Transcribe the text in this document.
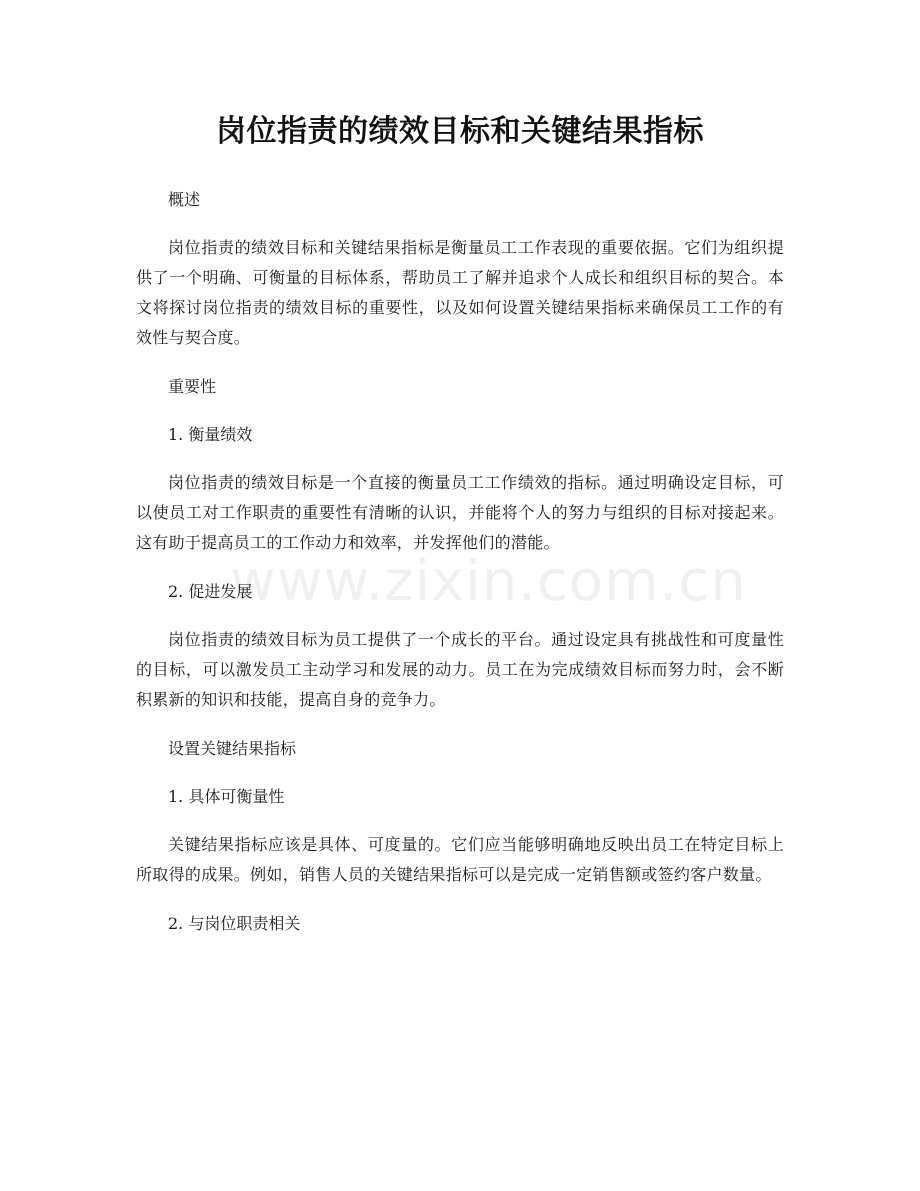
岗位指责的绩效目标和关键结果指标

概述

岗位指责的绩效目标和关键结果指标是衡量员工工作表现的重要依据。它们为组织提供了一个明确、可衡量的目标体系，帮助员工了解并追求个人成长和组织目标的契合。本文将探讨岗位指责的绩效目标的重要性，以及如何设置关键结果指标来确保员工工作的有效性与契合度。

重要性

1. 衡量绩效

岗位指责的绩效目标是一个直接的衡量员工工作绩效的指标。通过明确设定目标，可以使员工对工作职责的重要性有清晰的认识，并能将个人的努力与组织的目标对接起来。这有助于提高员工的工作动力和效率，并发挥他们的潜能。

2. 促进发展

岗位指责的绩效目标为员工提供了一个成长的平台。通过设定具有挑战性和可度量性的目标，可以激发员工主动学习和发展的动力。员工在为完成绩效目标而努力时，会不断积累新的知识和技能，提高自身的竞争力。

设置关键结果指标

1. 具体可衡量性

关键结果指标应该是具体、可度量的。它们应当能够明确地反映出员工在特定目标上所取得的成果。例如，销售人员的关键结果指标可以是完成一定销售额或签约客户数量。

2. 与岗位职责相关

www.zixin.com.cn
